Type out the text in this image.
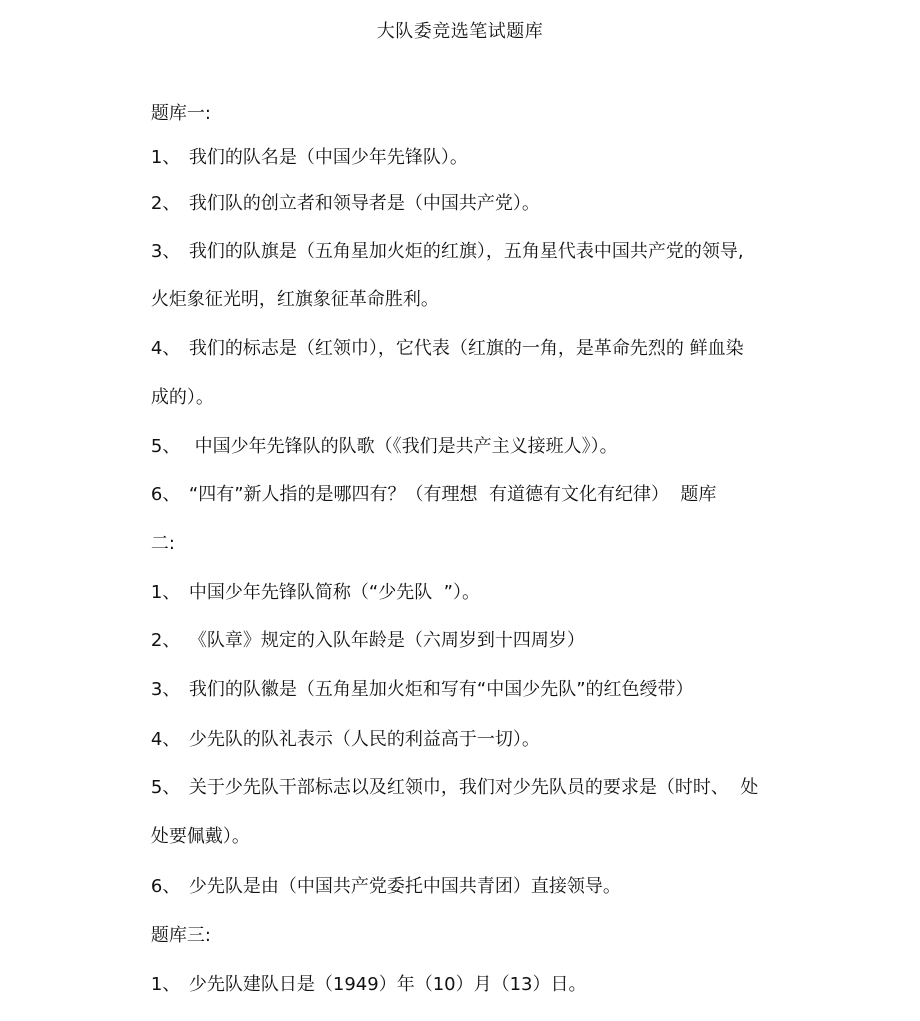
大队委竞选笔试题库

题库一:

1、 我们的队名是（中国少年先锋队）。

2、 我们队的创立者和领导者是（中国共产党）。

3、 我们的队旗是（五角星加火炬的红旗），五角星代表中国共产党的领导,

火炬象征光明，红旗象征革命胜利。

4、 我们的标志是（红领巾），它代表（红旗的一角，是革命先烈的 鲜血染

成的）。

5、 中国少年先锋队的队歌（《我们是共产主义接班人》）。

6、 “四有”新人指的是哪四有？（有理想  有道德有文化有纪律）  题库

二:

1、 中国少年先锋队简称（“少先队  ”）。

2、 《队章》规定的入队年龄是（六周岁到十四周岁）

3、 我们的队徽是（五角星加火炬和写有“中国少先队”的红色绶带）

4、 少先队的队礼表示（人民的利益高于一切）。

5、 关于少先队干部标志以及红领巾，我们对少先队员的要求是（时时、  处

处要佩戴）。

6、 少先队是由（中国共产党委托中国共青团）直接领导。

题库三:

1、 少先队建队日是（1949）年（10）月（13）日。
